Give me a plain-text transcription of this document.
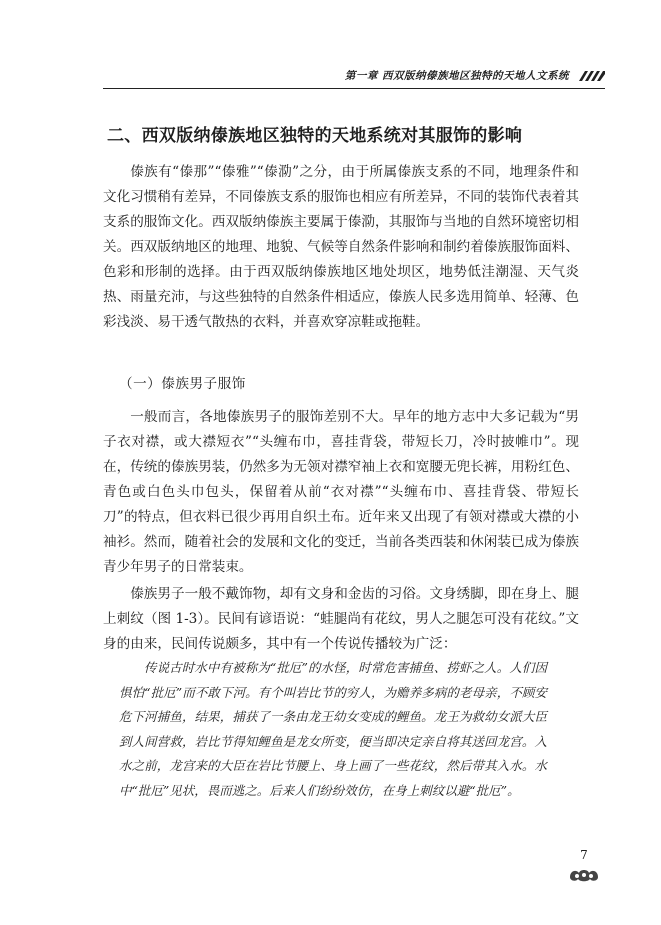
第一章 西双版纳傣族地区独特的天地人文系统
二、西双版纳傣族地区独特的天地系统对其服饰的影响

傣族有“傣那”“傣雅”“傣泐”之分，由于所属傣族支系的不同，地理条件和文化习惯稍有差异，不同傣族支系的服饰也相应有所差异，不同的装饰代表着其支系的服饰文化。西双版纳傣族主要属于傣泐，其服饰与当地的自然环境密切相关。西双版纳地区的地理、地貌、气候等自然条件影响和制约着傣族服饰面料、色彩和形制的选择。由于西双版纳傣族地区地处坝区，地势低洼潮湿、天气炎热、雨量充沛，与这些独特的自然条件相适应，傣族人民多选用简单、轻薄、色彩浅淡、易干透气散热的衣料，并喜欢穿凉鞋或拖鞋。

（一）傣族男子服饰

一般而言，各地傣族男子的服饰差别不大。早年的地方志中大多记载为“男子衣对襟，或大襟短衣”“头缠布巾，喜挂背袋，带短长刀，冷时披帷巾”。现在，传统的傣族男装，仍然多为无领对襟窄袖上衣和宽腰无兜长裤，用粉红色、青色或白色头巾包头，保留着从前“衣对襟”“头缠布巾、喜挂背袋、带短长刀”的特点，但衣料已很少再用自织土布。近年来又出现了有领对襟或大襟的小袖衫。然而，随着社会的发展和文化的变迁，当前各类西装和休闲装已成为傣族青少年男子的日常装束。

傣族男子一般不戴饰物，却有文身和金齿的习俗。文身绣脚，即在身上、腿上刺纹（图 1-3）。民间有谚语说：“蛙腿尚有花纹，男人之腿怎可没有花纹。”文身的由来，民间传说颇多，其中有一个传说传播较为广泛：

传说古时水中有被称为“批厄”的水怪，时常危害捕鱼、捞虾之人。人们因惧怕“批厄”而不敢下河。有个叫岩比节的穷人，为赡养多病的老母亲，不顾安危下河捕鱼，结果，捕获了一条由龙王幼女变成的鲤鱼。龙王为救幼女派大臣到人间营救，岩比节得知鲤鱼是龙女所变，便当即决定亲自将其送回龙宫。入水之前，龙宫来的大臣在岩比节腰上、身上画了一些花纹，然后带其入水。水中“批厄”见状，畏而逃之。后来人们纷纷效仿，在身上刺纹以避“批厄”。

7
